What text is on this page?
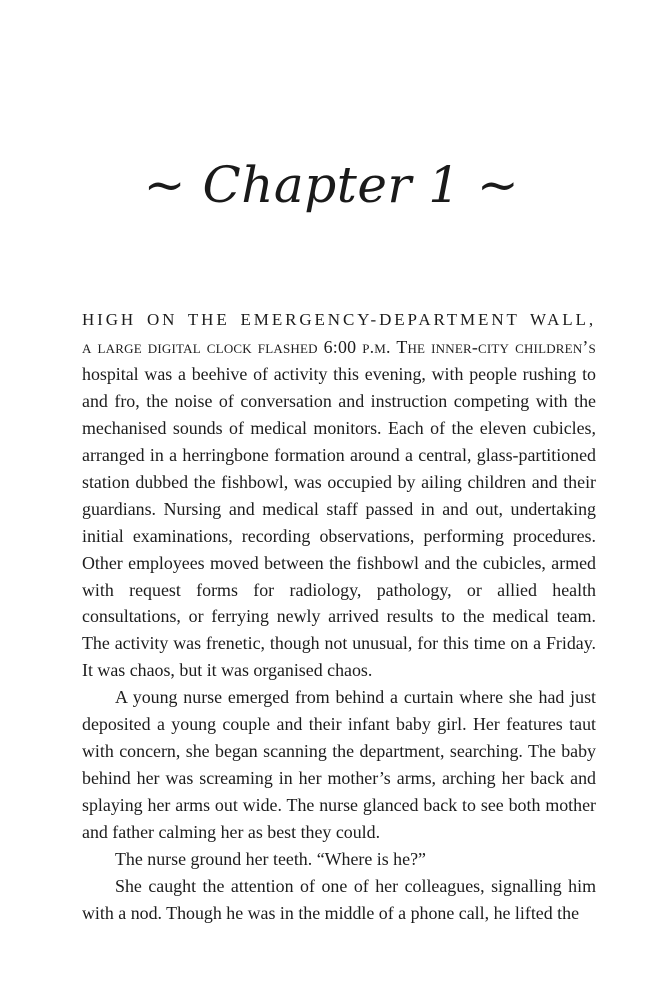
~ Chapter 1 ~

HIGH ON THE EMERGENCY-DEPARTMENT WALL,
a large digital clock flashed 6:00 p.m. The inner-city children’s hospital was a beehive of activity this evening, with people rushing to and fro, the noise of conversation and instruction competing with the mechanised sounds of medical monitors. Each of the eleven cubicles, arranged in a herringbone formation around a central, glass-partitioned station dubbed the fishbowl, was occupied by ailing children and their guardians. Nursing and medical staff passed in and out, undertaking initial examinations, recording observations, performing procedures. Other employees moved between the fishbowl and the cubicles, armed with request forms for radiology, pathology, or allied health consultations, or ferrying newly arrived results to the medical team. The activity was frenetic, though not unusual, for this time on a Friday. It was chaos, but it was organised chaos.

A young nurse emerged from behind a curtain where she had just deposited a young couple and their infant baby girl. Her features taut with concern, she began scanning the department, searching. The baby behind her was screaming in her mother’s arms, arching her back and splaying her arms out wide. The nurse glanced back to see both mother and father calming her as best they could.

The nurse ground her teeth. “Where is he?”

She caught the attention of one of her colleagues, signalling him with a nod. Though he was in the middle of a phone call, he lifted the
